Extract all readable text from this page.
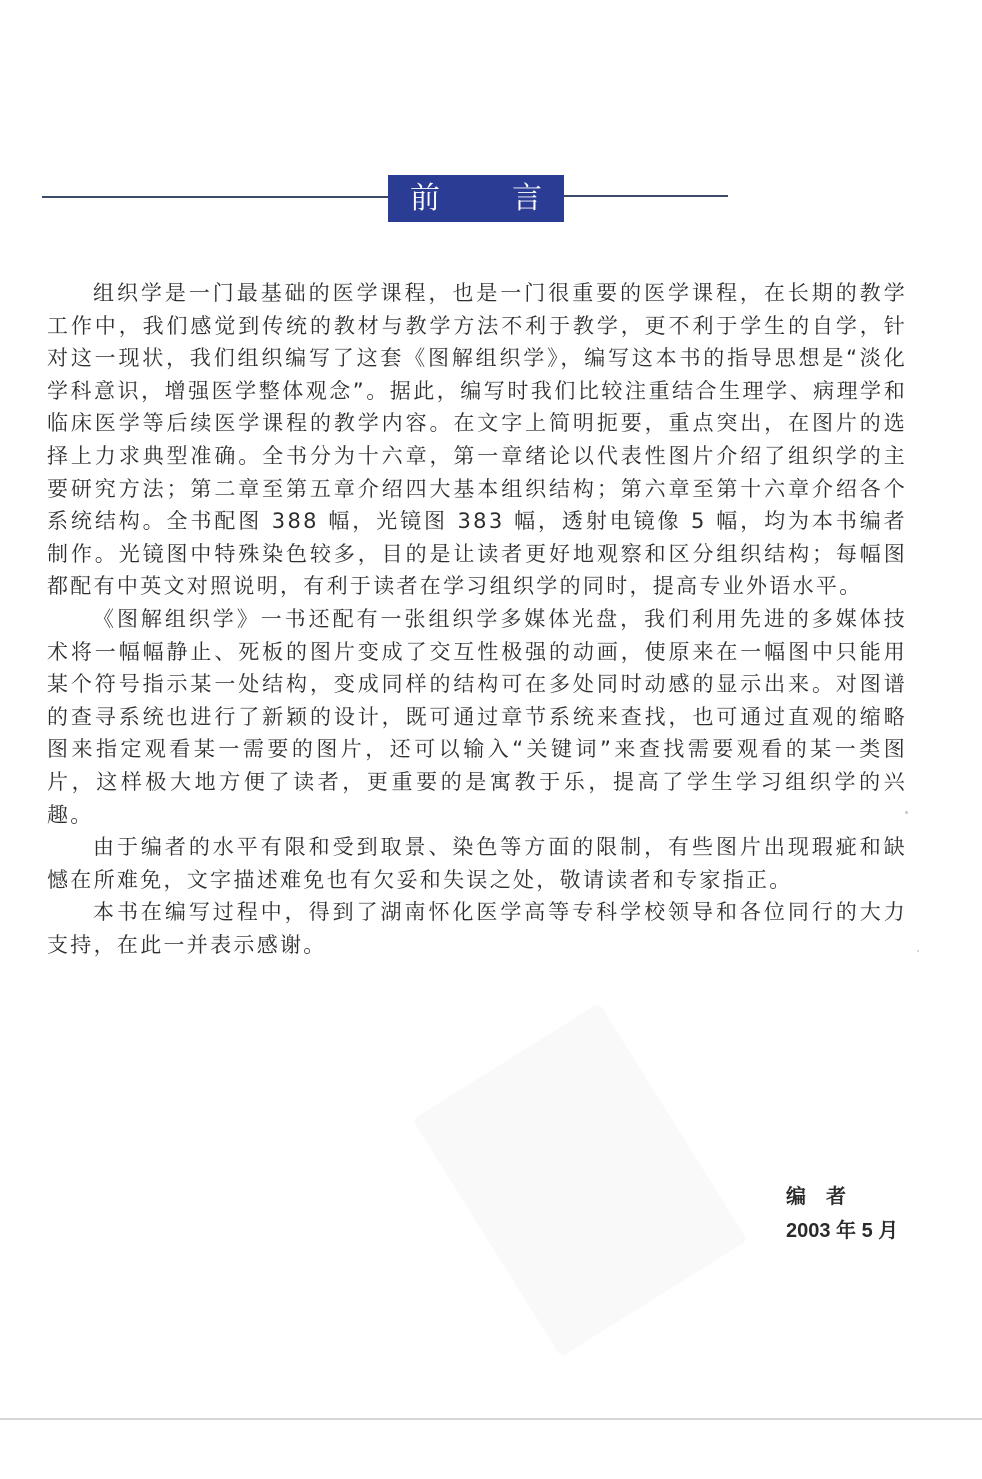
前 言

组织学是一门最基础的医学课程，也是一门很重要的医学课程，在长期的教学工作中，我们感觉到传统的教材与教学方法不利于教学，更不利于学生的自学，针对这一现状，我们组织编写了这套《图解组织学》，编写这本书的指导思想是“淡化学科意识，增强医学整体观念”。据此，编写时我们比较注重结合生理学、病理学和临床医学等后续医学课程的教学内容。在文字上简明扼要，重点突出，在图片的选择上力求典型准确。全书分为十六章，第一章绪论以代表性图片介绍了组织学的主要研究方法；第二章至第五章介绍四大基本组织结构；第六章至第十六章介绍各个系统结构。全书配图 388 幅，光镜图 383 幅，透射电镜像 5 幅，均为本书编者制作。光镜图中特殊染色较多，目的是让读者更好地观察和区分组织结构；每幅图都配有中英文对照说明，有利于读者在学习组织学的同时，提高专业外语水平。

《图解组织学》一书还配有一张组织学多媒体光盘，我们利用先进的多媒体技术将一幅幅静止、死板的图片变成了交互性极强的动画，使原来在一幅图中只能用某个符号指示某一处结构，变成同样的结构可在多处同时动感的显示出来。对图谱的查寻系统也进行了新颖的设计，既可通过章节系统来查找，也可通过直观的缩略图来指定观看某一需要的图片，还可以输入“关键词”来查找需要观看的某一类图片，这样极大地方便了读者，更重要的是寓教于乐，提高了学生学习组织学的兴趣。

由于编者的水平有限和受到取景、染色等方面的限制，有些图片出现瑕疵和缺憾在所难免，文字描述难免也有欠妥和失误之处，敬请读者和专家指正。

本书在编写过程中，得到了湖南怀化医学高等专科学校领导和各位同行的大力支持，在此一并表示感谢。

编者
2003 年 5 月
